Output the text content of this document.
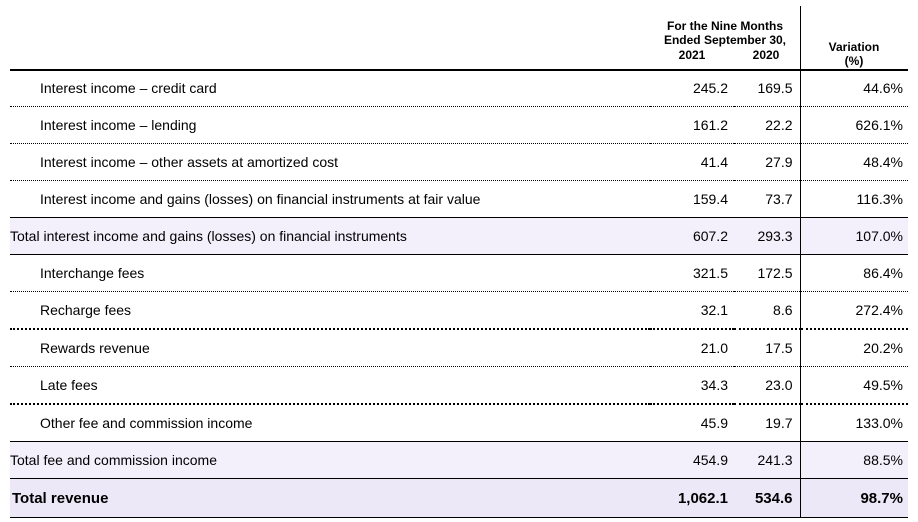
For the Nine Months
Ended September 30,
2021	2020
Variation
(%)
Interest income – credit card	245.2	169.5	44.6%
Interest income – lending	161.2	22.2	626.1%
Interest income – other assets at amortized cost	41.4	27.9	48.4%
Interest income and gains (losses) on financial instruments at fair value	159.4	73.7	116.3%
Total interest income and gains (losses) on financial instruments	607.2	293.3	107.0%
Interchange fees	321.5	172.5	86.4%
Recharge fees	32.1	8.6	272.4%
Rewards revenue	21.0	17.5	20.2%
Late fees	34.3	23.0	49.5%
Other fee and commission income	45.9	19.7	133.0%
Total fee and commission income	454.9	241.3	88.5%
Total revenue	1,062.1	534.6	98.7%
